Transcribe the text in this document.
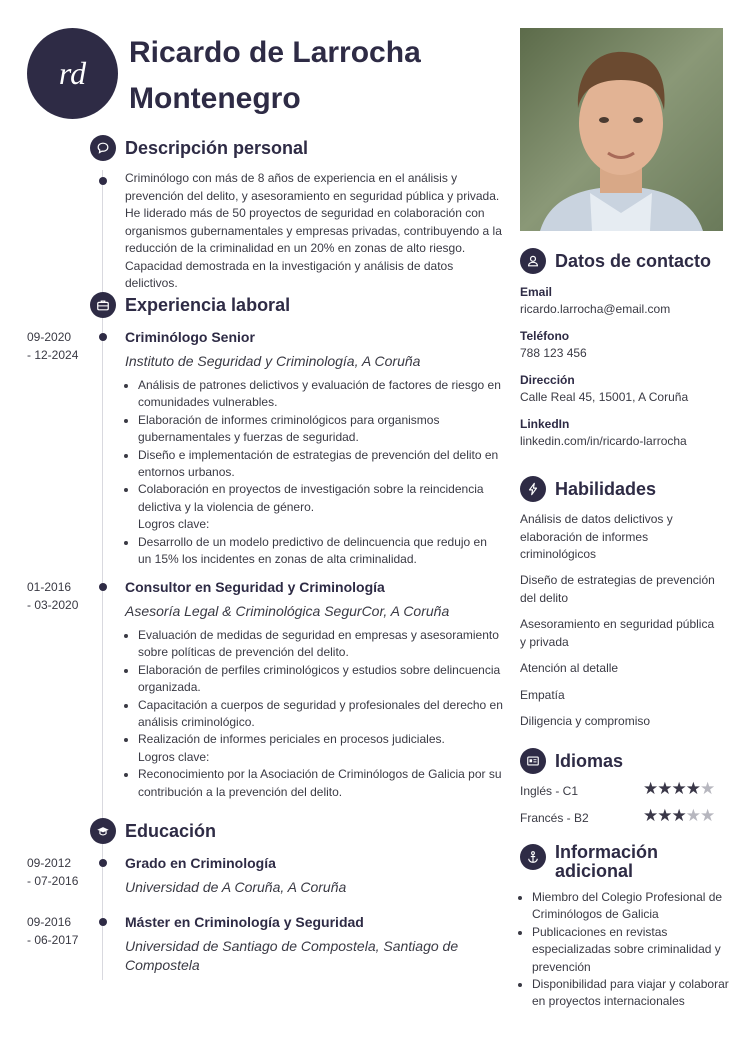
rd
Ricardo de Larrocha
Montenegro
Descripción personal
Criminólogo con más de 8 años de experiencia en el análisis y prevención del delito, y asesoramiento en seguridad pública y privada. He liderado más de 50 proyectos de seguridad en colaboración con organismos gubernamentales y empresas privadas, contribuyendo a la reducción de la criminalidad en un 20% en zonas de alto riesgo. Capacidad demostrada en la investigación y análisis de datos delictivos.
Experiencia laboral
09-2020
- 12-2024
Criminólogo Senior
Instituto de Seguridad y Criminología, A Coruña
• Análisis de patrones delictivos y evaluación de factores de riesgo en comunidades vulnerables.
• Elaboración de informes criminológicos para organismos gubernamentales y fuerzas de seguridad.
• Diseño e implementación de estrategias de prevención del delito en entornos urbanos.
• Colaboración en proyectos de investigación sobre la reincidencia delictiva y la violencia de género.
Logros clave:
• Desarrollo de un modelo predictivo de delincuencia que redujo en un 15% los incidentes en zonas de alta criminalidad.
01-2016
- 03-2020
Consultor en Seguridad y Criminología
Asesoría Legal & Criminológica SegurCor, A Coruña
• Evaluación de medidas de seguridad en empresas y asesoramiento sobre políticas de prevención del delito.
• Elaboración de perfiles criminológicos y estudios sobre delincuencia organizada.
• Capacitación a cuerpos de seguridad y profesionales del derecho en análisis criminológico.
• Realización de informes periciales en procesos judiciales.
Logros clave:
• Reconocimiento por la Asociación de Criminólogos de Galicia por su contribución a la prevención del delito.
Educación
09-2012
- 07-2016
Grado en Criminología
Universidad de A Coruña, A Coruña
09-2016
- 06-2017
Máster en Criminología y Seguridad
Universidad de Santiago de Compostela, Santiago de Compostela
Datos de contacto
Email
ricardo.larrocha@email.com
Teléfono
788 123 456
Dirección
Calle Real 45, 15001, A Coruña
LinkedIn
linkedin.com/in/ricardo-larrocha
Habilidades
Análisis de datos delictivos y elaboración de informes criminológicos
Diseño de estrategias de prevención del delito
Asesoramiento en seguridad pública y privada
Atención al detalle
Empatía
Diligencia y compromiso
Idiomas
Inglés - C1	★★★★★
Francés - B2	★★★★★
Información
adicional
• Miembro del Colegio Profesional de Criminólogos de Galicia
• Publicaciones en revistas especializadas sobre criminalidad y prevención
• Disponibilidad para viajar y colaborar en proyectos internacionales
